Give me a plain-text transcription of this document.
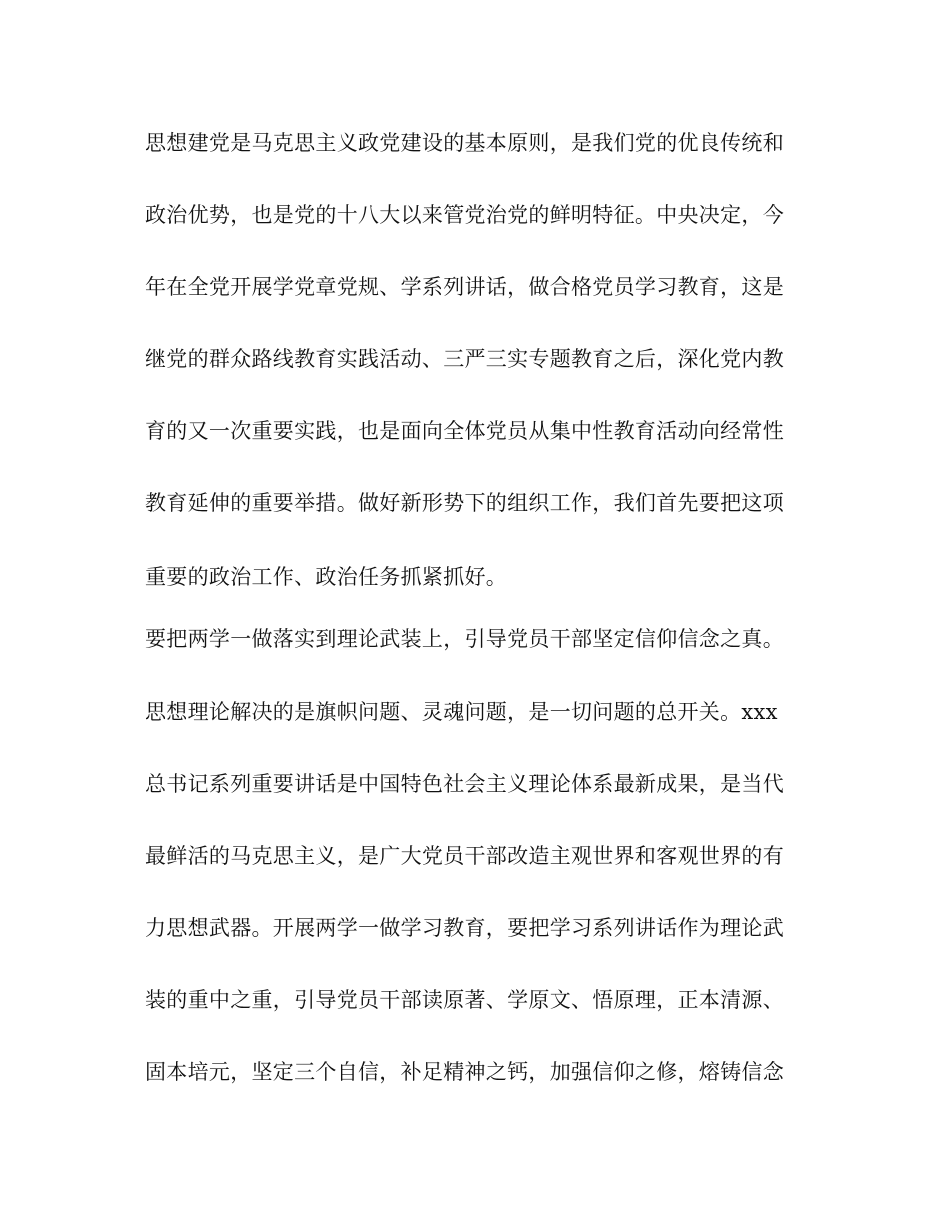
思想建党是马克思主义政党建设的基本原则，是我们党的优良传统和
政治优势，也是党的十八大以来管党治党的鲜明特征。中央决定，今
年在全党开展学党章党规、学系列讲话，做合格党员学习教育，这是
继党的群众路线教育实践活动、三严三实专题教育之后，深化党内教
育的又一次重要实践，也是面向全体党员从集中性教育活动向经常性
教育延伸的重要举措。做好新形势下的组织工作，我们首先要把这项
重要的政治工作、政治任务抓紧抓好。
要把两学一做落实到理论武装上，引导党员干部坚定信仰信念之真。
思想理论解决的是旗帜问题、灵魂问题，是一切问题的总开关。xxx
总书记系列重要讲话是中国特色社会主义理论体系最新成果，是当代
最鲜活的马克思主义，是广大党员干部改造主观世界和客观世界的有
力思想武器。开展两学一做学习教育，要把学习系列讲话作为理论武
装的重中之重，引导党员干部读原著、学原文、悟原理，正本清源、
固本培元，坚定三个自信，补足精神之钙，加强信仰之修，熔铸信念
